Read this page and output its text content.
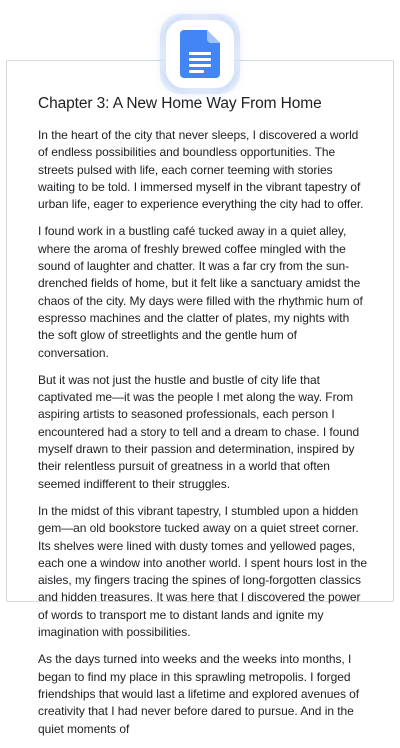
Chapter 3: A New Home Way From Home

In the heart of the city that never sleeps, I discovered a world of endless possibilities and boundless opportunities. The streets pulsed with life, each corner teeming with stories waiting to be told. I immersed myself in the vibrant tapestry of urban life, eager to experience everything the city had to offer.

I found work in a bustling café tucked away in a quiet alley, where the aroma of freshly brewed coffee mingled with the sound of laughter and chatter. It was a far cry from the sun-drenched fields of home, but it felt like a sanctuary amidst the chaos of the city. My days were filled with the rhythmic hum of espresso machines and the clatter of plates, my nights with the soft glow of streetlights and the gentle hum of conversation.

But it was not just the hustle and bustle of city life that captivated me—it was the people I met along the way. From aspiring artists to seasoned professionals, each person I encountered had a story to tell and a dream to chase. I found myself drawn to their passion and determination, inspired by their relentless pursuit of greatness in a world that often seemed indifferent to their struggles.

In the midst of this vibrant tapestry, I stumbled upon a hidden gem—an old bookstore tucked away on a quiet street corner. Its shelves were lined with dusty tomes and yellowed pages, each one a window into another world. I spent hours lost in the aisles, my fingers tracing the spines of long-forgotten classics and hidden treasures. It was here that I discovered the power of words to transport me to distant lands and ignite my imagination with possibilities.

As the days turned into weeks and the weeks into months, I began to find my place in this sprawling metropolis. I forged friendships that would last a lifetime and explored avenues of creativity that I had never before dared to pursue. And in the quiet moments of
